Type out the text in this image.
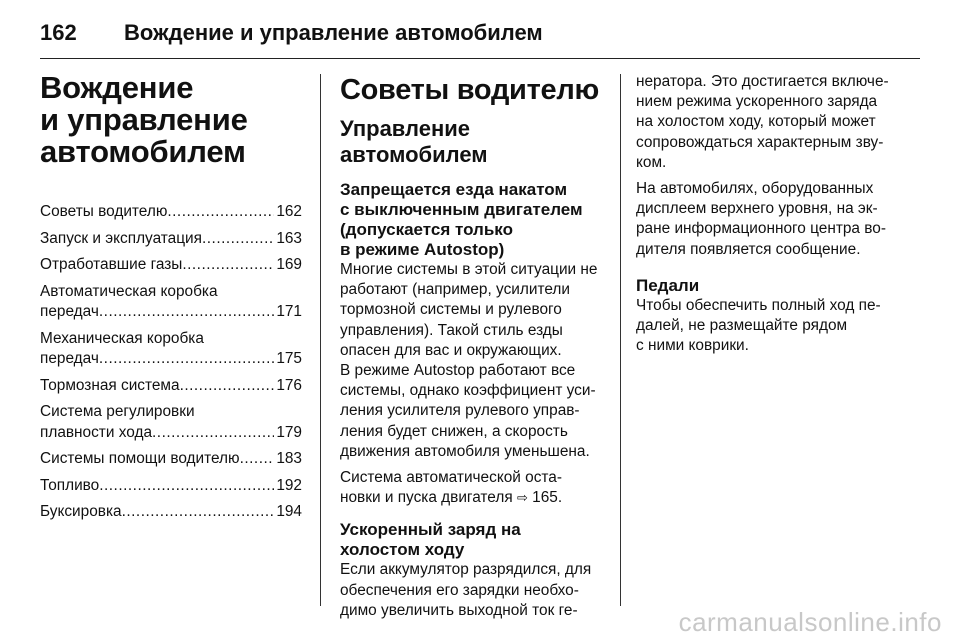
162	Вождение и управление автомобилем
Вождение
и управление
автомобилем
Советы водителю .....	162
Запуск и эксплуатация .....	163
Отработавшие газы .....	169
Автоматическая коробка
передач .....	171
Механическая коробка
передач .....	175
Тормозная система .....	176
Система регулировки
плавности хода .....	179
Системы помощи водителю ..... 183
Топливо .....	192
Буксировка .....	194
Советы водителю
Управление
автомобилем
Запрещается езда накатом
с выключенным двигателем
(допускается только
в режиме Autostop)
Многие системы в этой ситуации не
работают (например, усилители
тормозной системы и рулевого
управления). Такой стиль езды
опасен для вас и окружающих.
В режиме Autostop работают все
системы, однако коэффициент уси-
ления усилителя рулевого управ-
ления будет снижен, а скорость
движения автомобиля уменьшена.
Система автоматической оста-
новки и пуска двигателя ⇨ 165.
Ускоренный заряд на
холостом ходу
Если аккумулятор разрядился, для
обеспечения его зарядки необхо-
димо увеличить выходной ток ге-
нератора. Это достигается включе-
нием режима ускоренного заряда
на холостом ходу, который может
сопровождаться характерным зву-
ком.
На автомобилях, оборудованных
дисплеем верхнего уровня, на эк-
ране информационного центра во-
дителя появляется сообщение.
Педали
Чтобы обеспечить полный ход пе-
далей, не размещайте рядом
с ними коврики.
carmanualsonline.info
